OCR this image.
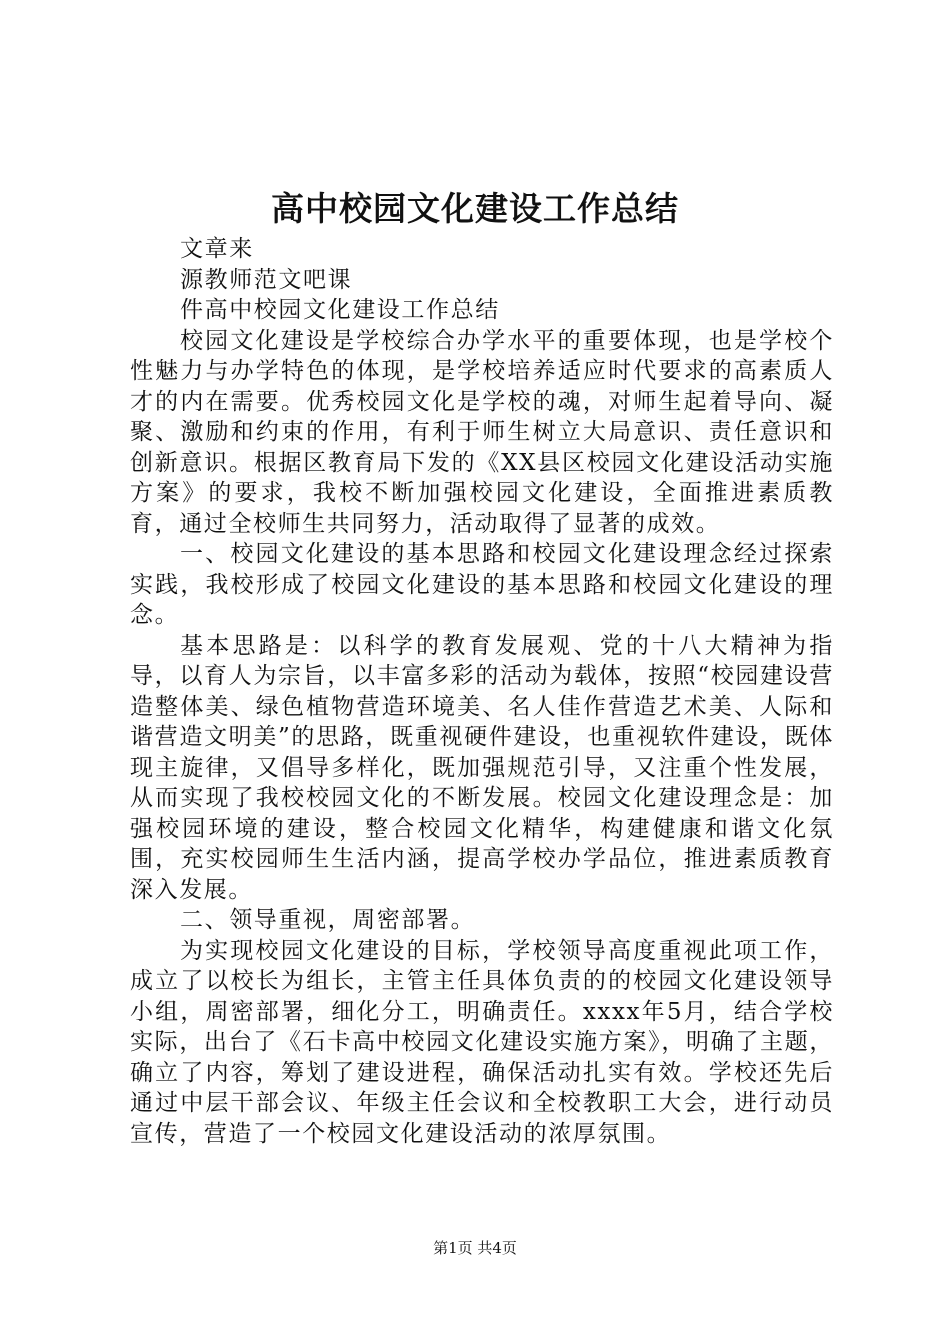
高中校园文化建设工作总结

文章来

源教师范文吧课

件高中校园文化建设工作总结

校园文化建设是学校综合办学水平的重要体现，也是学校个性魅力与办学特色的体现，是学校培养适应时代要求的高素质人才的内在需要。优秀校园文化是学校的魂，对师生起着导向、凝聚、激励和约束的作用，有利于师生树立大局意识、责任意识和创新意识。根据区教育局下发的《XX县区校园文化建设活动实施方案》的要求，我校不断加强校园文化建设，全面推进素质教育，通过全校师生共同努力，活动取得了显著的成效。

一、校园文化建设的基本思路和校园文化建设理念经过探索实践，我校形成了校园文化建设的基本思路和校园文化建设的理念。

基本思路是：以科学的教育发展观、党的十八大精神为指导，以育人为宗旨，以丰富多彩的活动为载体，按照“校园建设营造整体美、绿色植物营造环境美、名人佳作营造艺术美、人际和谐营造文明美”的思路，既重视硬件建设，也重视软件建设，既体现主旋律，又倡导多样化，既加强规范引导，又注重个性发展，从而实现了我校校园文化的不断发展。校园文化建设理念是：加强校园环境的建设，整合校园文化精华，构建健康和谐文化氛围，充实校园师生生活内涵，提高学校办学品位，推进素质教育深入发展。

二、领导重视，周密部署。

为实现校园文化建设的目标，学校领导高度重视此项工作，成立了以校长为组长，主管主任具体负责的的校园文化建设领导小组，周密部署，细化分工，明确责任。xxxx年5月，结合学校实际，出台了《石卡高中校园文化建设实施方案》，明确了主题，确立了内容，筹划了建设进程，确保活动扎实有效。学校还先后通过中层干部会议、年级主任会议和全校教职工大会，进行动员宣传，营造了一个校园文化建设活动的浓厚氛围。

第1页 共4页
